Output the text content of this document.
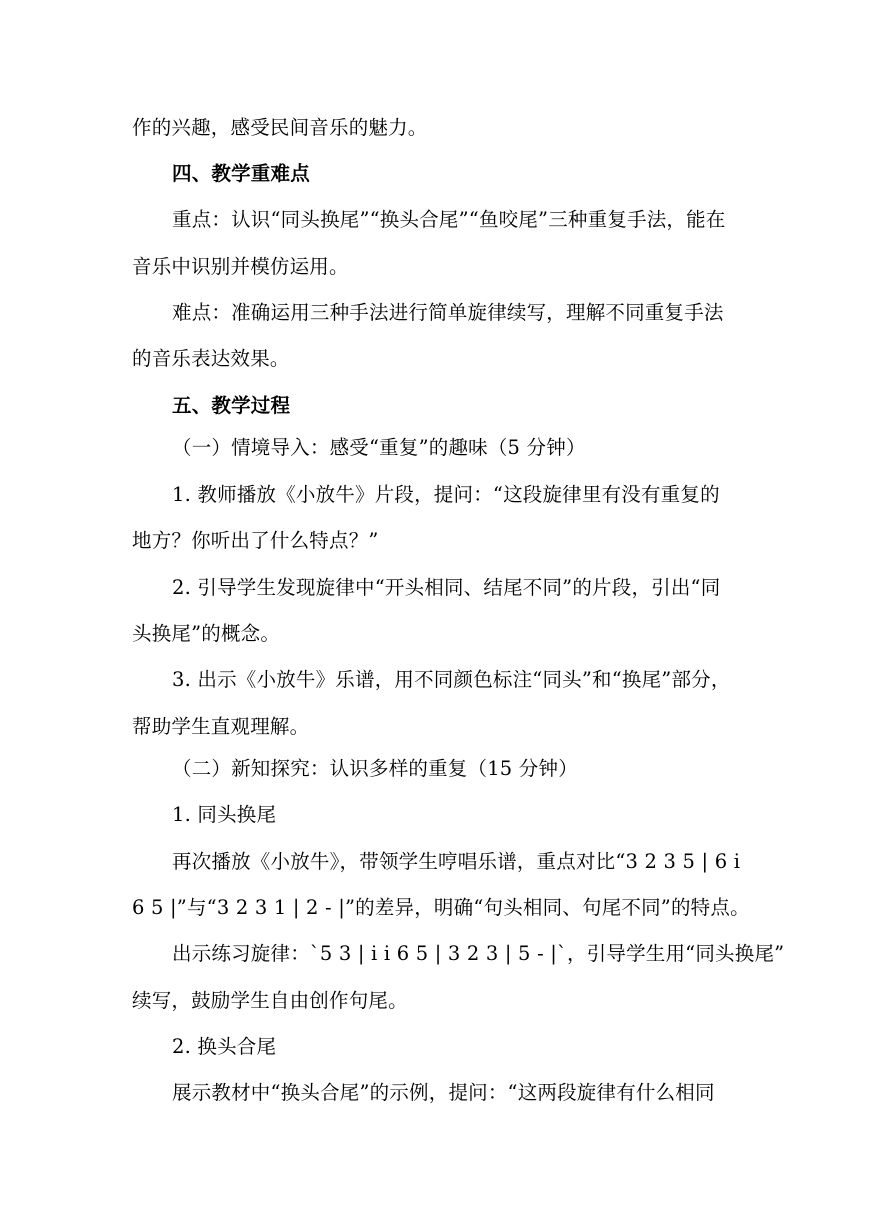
作的兴趣，感受民间音乐的魅力。
四、教学重难点
重点：认识“同头换尾”“换头合尾”“鱼咬尾”三种重复手法，能在
音乐中识别并模仿运用。
难点：准确运用三种手法进行简单旋律续写，理解不同重复手法
的音乐表达效果。
五、教学过程
（一）情境导入：感受“重复”的趣味（5 分钟）
1. 教师播放《小放牛》片段，提问：“这段旋律里有没有重复的
地方？你听出了什么特点？”
2. 引导学生发现旋律中“开头相同、结尾不同”的片段，引出“同
头换尾”的概念。
3. 出示《小放牛》乐谱，用不同颜色标注“同头”和“换尾”部分，
帮助学生直观理解。
（二）新知探究：认识多样的重复（15 分钟）
1. 同头换尾
再次播放《小放牛》，带领学生哼唱乐谱，重点对比“3 2 3 5 | 6 i
6 5 |”与“3 2 3 1 | 2 - |”的差异，明确“句头相同、句尾不同”的特点。
出示练习旋律：`5 3 | i i 6 5 | 3 2 3 | 5 - |`，引导学生用“同头换尾”
续写，鼓励学生自由创作句尾。
2. 换头合尾
展示教材中“换头合尾”的示例，提问：“这两段旋律有什么相同
